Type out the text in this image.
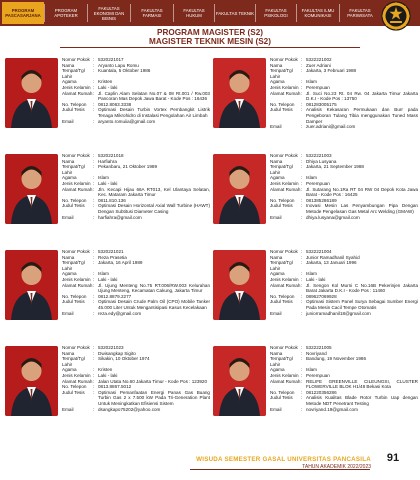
PROGRAM PASCASARJANA
PROGRAM APOTEKER
FAKULTAS EKONOMI DAN BISNIS
FAKULTAS FARMASI
FAKULTAS HUKUM	FAKULTAS TEKNIK	FAKULTAS PSIKOLOGI
FAKULTAS ILMU KOMUNIKASI
FAKULTAS PARIWISATA
PROGRAM MAGISTER (S2)
MAGISTER TEKNIK MESIN (S2)
Nomor Pokok : 5320221017
Nama	: Aryanto Lapu Romu
Tempat/Tgl Lahir
: Kuantala, 5 Oktober 1986
Agama	: Kristen
Jenis Kelamin : Laki - laki
Alamat Rumah : Jl. Caplin Alam Selatan No.07 & 08 Rt.001 / Rw.003 Pancoran Mas Depok Jawa Barat - Kode Pos : 16436
No. Telepon	: 0812.8063.3338
Judul Tesis	: Optimasi Desain Turbin Vortex Pembangkit Listrik Tenaga Mikrohidro di Instalasi Pengolahan Air Limbah
Email	: aryanto.romuiia@gmail.com
Nomor Pokok : 5322221002
Nama	: Zuer Adriani
Tempat/Tgl Lahir
: Jakarta, 3 Februari 1988
Agama	: Islam
Jenis Kelamin : Perempuan
Alamat Rumah : Jl. Suci No.23 Rt. 04 Rw. 04 Jakarta Timur Jakarta D.K.I - Kode Pos : 13750
No. Telepon	: 081283005175
Judul Tesis	: Analisis Kekasaran Permukaan dan Burr pada Pengeboran Tulang Tibia menggunakan Tuned Mass Damper
Email	: zuer.adriani@gmail.com
Nomor Pokok : 5320221018
Nama	: Harfiahra
Tempat/Tgl Lahir
: Pekanbaru, 21 Oktober 1989
Agama	: Islam
Jenis Kelamin : Laki - laki
Alamat Rumah : Jln. Kecapi Hijau 66A RT013, Kel Ulantaya Selatan, Kec. Mataram Jakarta Timur
No. Telepon	: 0811.810.136
Judul Tesis	: Optimasi Desain Horizontal Axial Wall Turbine (HAWT) Dengan Subtitusi Diameter Casing
Email	: harfiahra@gmail.com
Nomor Pokok : 5322221003
Nama	: Dhiya Lusyana
Tempat/Tgl Lahir
: Jakarta, 21 September 1988
Agama	: Islam
Jenis Kelamin : Perempuan
Alamat Rumah : Jl. Sutarang No.1Ra RT 04 RW 04 Depok Kota Jawa Barat - Kode Pos : 16425
No. Telepon	: 081385286189
Judul Tesis	: Inovasi Mesin Las Penyambungan Pipa Dengan Metode Pengelasan Gas Metal Arc Welding (GMAW)
Email	: dhiya.lusyana@gmail.com
Nomor Pokok : 5320221021
Nama	: Reza Prasetia
Tempat/Tgl Lahir
: Jakarta, 16 April 1989
Agama	: Islam
Jenis Kelamin : Laki - laki
Alamat Rumah : Jl. Ujung Menteng No.75 RT.006/RW.003 Kelurahan Ujung Menteng, Kecamatan Cakung, Jakarta Timur
No. Telepon	: 0812.8879.2277
Judul Tesis	: Optimasi Desain Crude Palm Oil (CPO) Mobile Tanker 45.000 Liter Untuk Mengantisipasi Kasus Kecelakaan
Email	: reza.edy@gmail.com
Nomor Pokok : 5322221004
Nama	: Junior Ramadhanil Syahid
Tempat/Tgl Lahir
: Jakarta, 13 Januari 1996
Agama	: Islam
Jenis Kelamin : Laki - laki
Alamat Rumah : Jl. Sengon Kol Murni C No.16B Pekerinjen Jakarta Barat Jakarta D.K.I - Kode Pos : 11460
No. Telepon	: 089627069928
Judul Tesis	: Optimasi Sistem Panel Surya Sebagai Sumber Energi Pada Mesin Cacil Tempe Otomatis
Email	: juniorramadhanil18@gmail.com
Nomor Pokok : 5320221023
Nama	: Dwisangkap Sigito
Tempat/Tgl Lahir
: Sikakin, 10 Oktober 1974
Agama	: Kristen
Jenis Kelamin : Laki - laki
Alamat Rumah : Jalan Utata No.60 Jakarta Timur - Kode Pos : 123920
No. Telepon	: 0813.8867.5012
Judul Tesis	: Optimasi Pemanfaatan Energi Panas Gas Buang Turbin Gas 2 x 7.500 kW Pada Tri-Generation Plant Untuk Meningkatkan Efisiensi Sistem
Email	: dsangkapo75202@yahoo.com
Nomor Pokok : 5322221005
Nama	: Novriyand
Tempat/Tgl Lahir
: Bandung, 19 November 1986
Agama	: Islam
Jenis Kelamin : Perempuan
Alamat Rumah : RELIFE GREENVILLE CILEUNGSI, CLUSTER FLOWERVILLE BLOK H1/48 Bekasi Kota
No. Telepon	: 081220356286
Judul Tesis	: Analisis Kualitas Blade Rotor Turbin Uap dengan Metode NDT Penetrant Testing
Email	: novriyand.19@gmail.com
WISUDA SEMESTER GASAL UNIVERSITAS PANCASILA
TAHUN AKADEMIK 2022/2023
91
